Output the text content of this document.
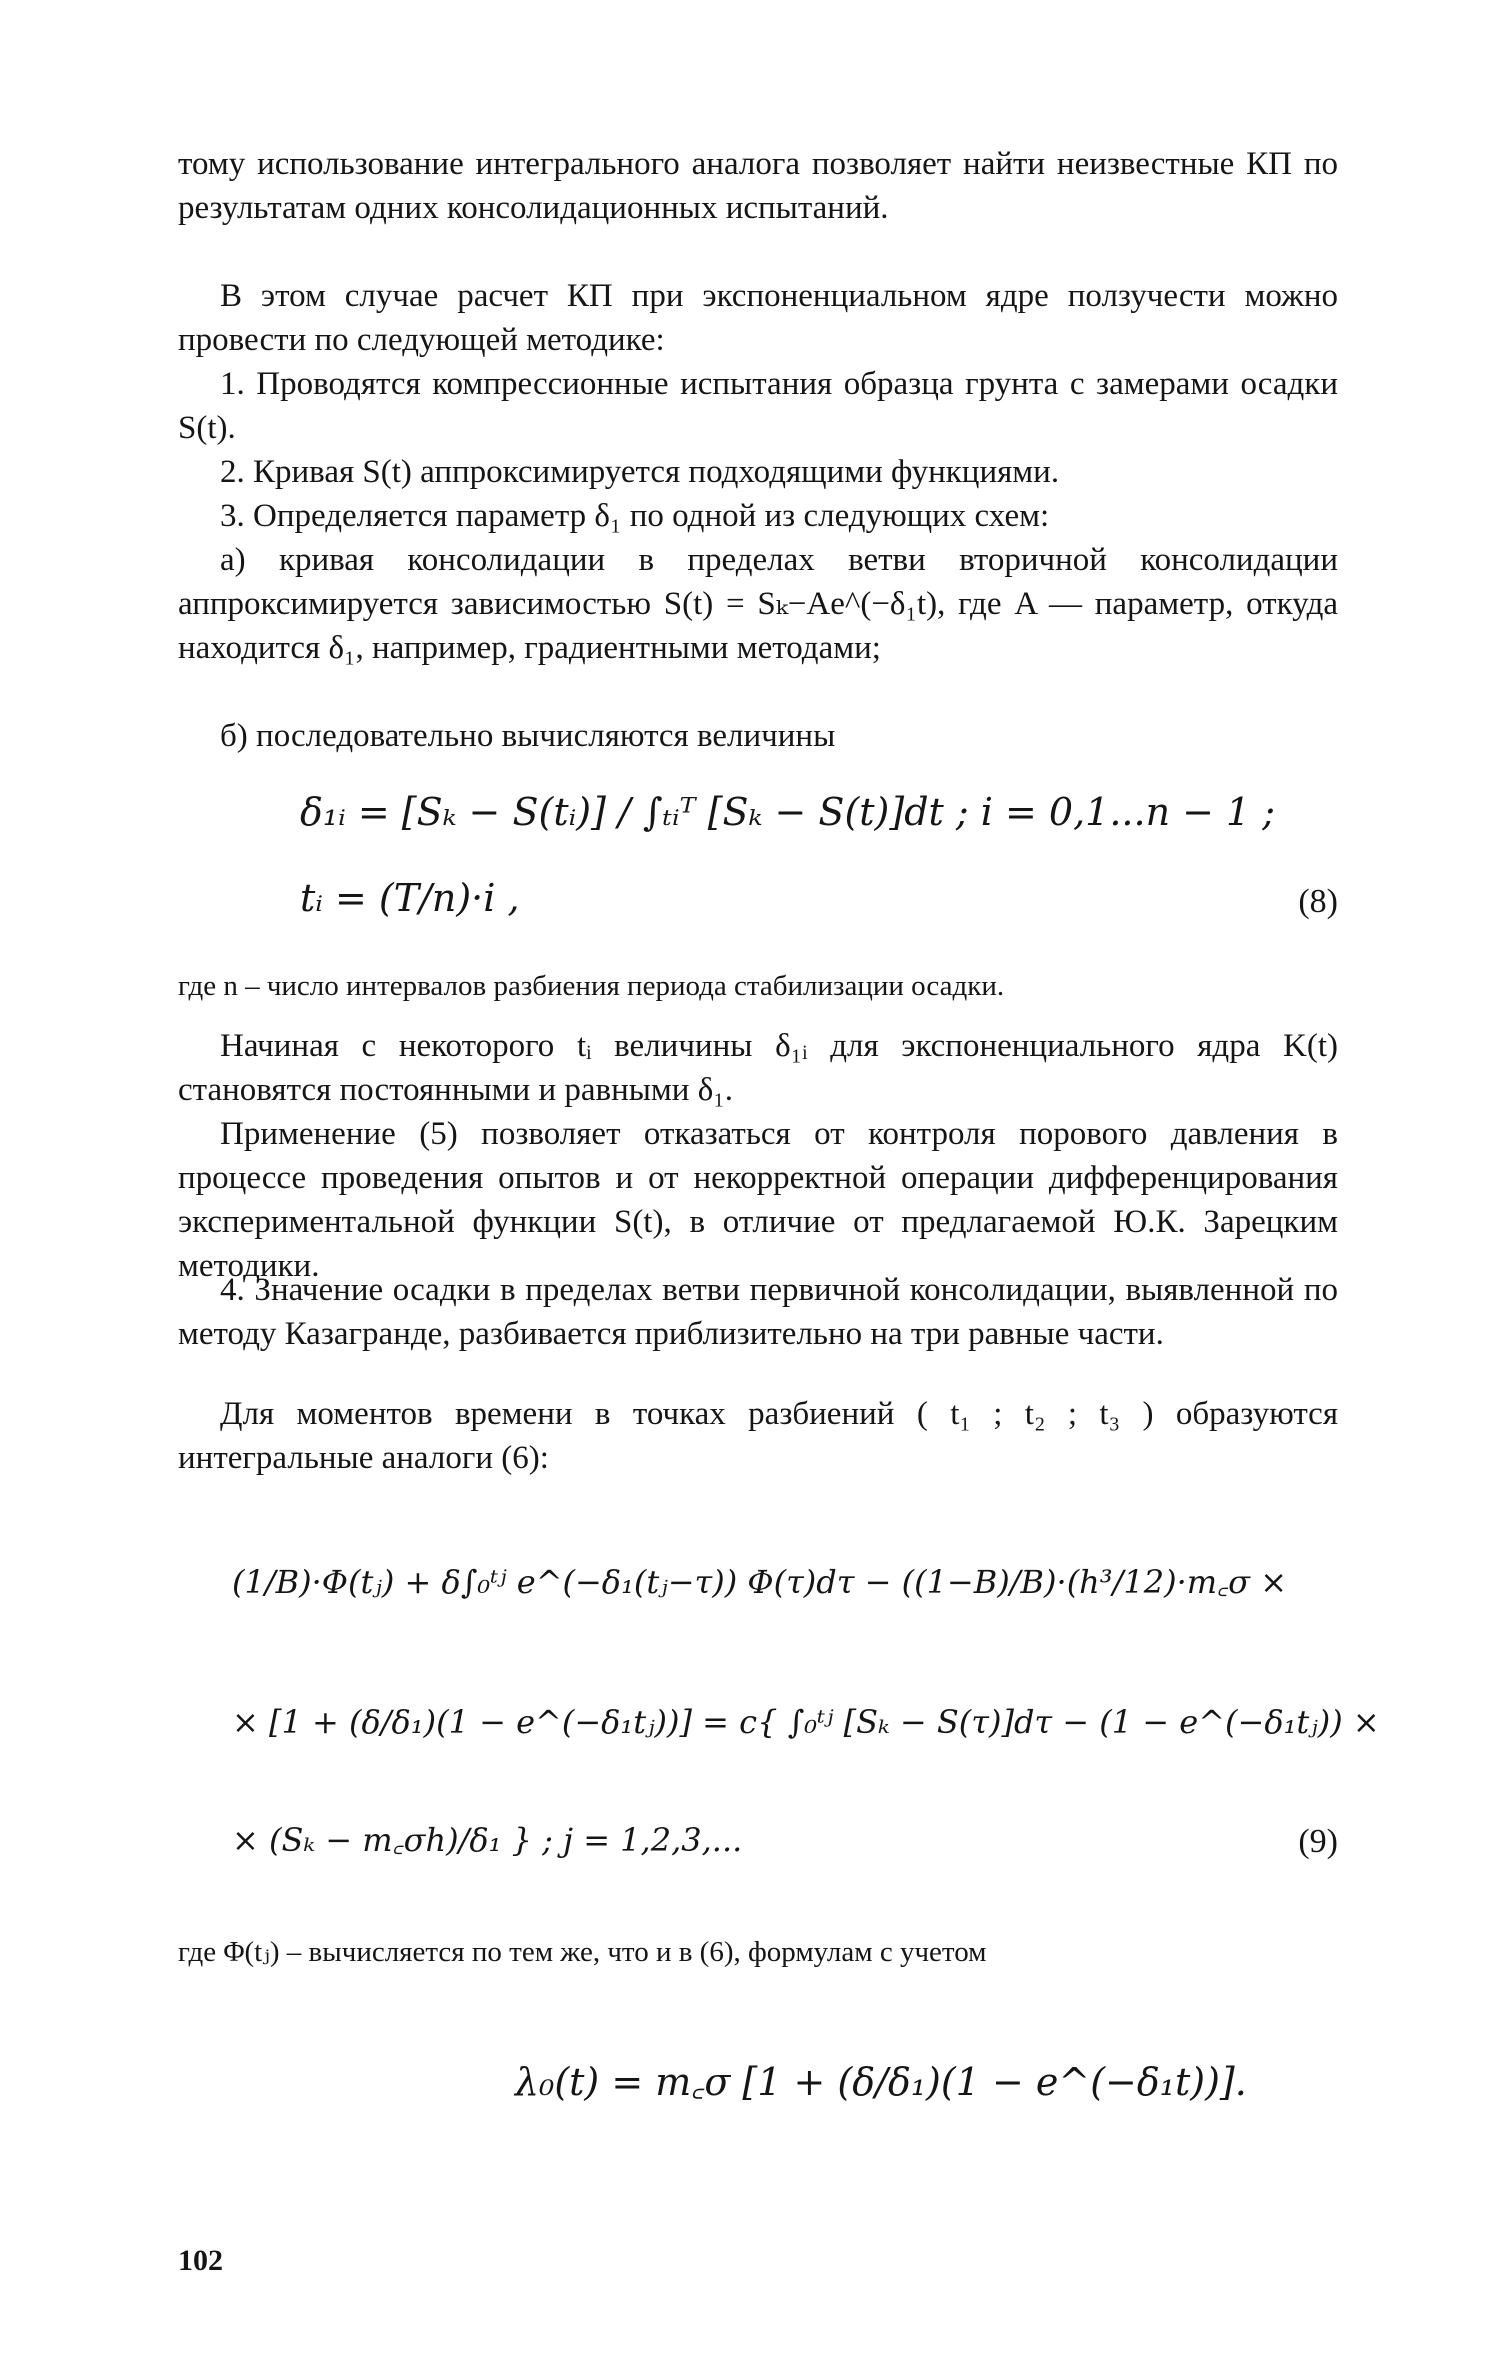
тому использование интегрального аналога позволяет найти неизвестные КП по результатам одних консолидационных испытаний.

В этом случае расчет КП при экспоненциальном ядре ползучести можно провести по следующей методике:

1. Проводятся компрессионные испытания образца грунта с замерами осадки S(t).

2. Кривая S(t) аппроксимируется подходящими функциями.

3. Определяется параметр δ₁ по одной из следующих схем:

а) кривая консолидации в пределах ветви вторичной консолидации аппроксимируется зависимостью S(t) = Sₖ−Ae^(−δ₁t), где A — параметр, откуда находится δ₁, например, градиентными методами;

б) последовательно вычисляются величины

δ₁ᵢ = [Sₖ − S(tᵢ)] / ∫ₜᵢᵀ [Sₖ − S(t)]dt ; i = 0,1...n − 1 ;
tᵢ = (T/n)·i ,	(8)

где n – число интервалов разбиения периода стабилизации осадки.

Начиная с некоторого tᵢ величины δ₁ᵢ для экспоненциального ядра K(t) становятся постоянными и равными δ₁.

Применение (5) позволяет отказаться от контроля порового давления в процессе проведения опытов и от некорректной операции дифференцирования экспериментальной функции S(t), в отличие от предлагаемой Ю.К. Зарецким методики.

4. Значение осадки в пределах ветви первичной консолидации, выявленной по методу Казагранде, разбивается приблизительно на три равные части.

Для моментов времени в точках разбиений ( t₁ ; t₂ ; t₃ ) образуются интегральные аналоги (6):

(1/B)·Φ(tⱼ) + δ∫₀ᵗʲ e^(−δ₁(tⱼ−τ)) Φ(τ)dτ − ((1−B)/B)·(h³/12)·m꜀σ ×
× [1 + (δ/δ₁)(1 − e^(−δ₁tⱼ))] = c{ ∫₀ᵗʲ [Sₖ − S(τ)]dτ − (1 − e^(−δ₁tⱼ)) ×
× (Sₖ − m꜀σh)/δ₁ } ; j = 1,2,3,...	(9)

где Φ(tⱼ) – вычисляется по тем же, что и в (6), формулам с учетом

λ₀(t) = m꜀σ [1 + (δ/δ₁)(1 − e^(−δ₁t))].
102
